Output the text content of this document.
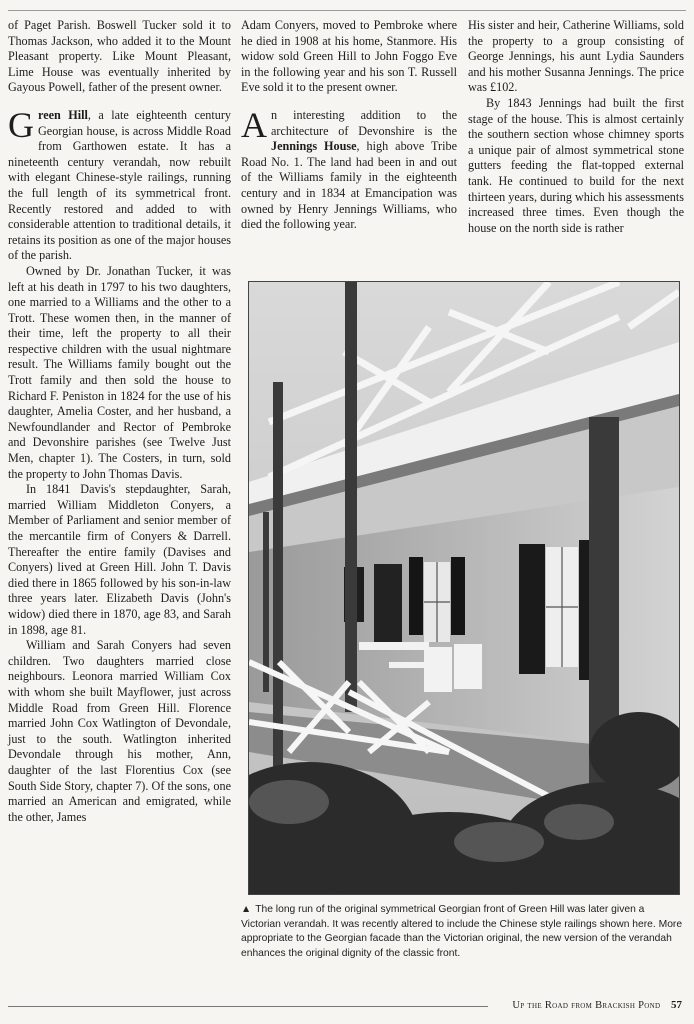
of Paget Parish. Boswell Tucker sold it to Thomas Jackson, who added it to the Mount Pleasant property. Like Mount Pleasant, Lime House was eventually inherited by Gayous Powell, father of the present owner.

Green Hill, a late eighteenth century Georgian house, is across Middle Road from Garthowen estate. It has a nineteenth century verandah, now rebuilt with elegant Chinese-style railings, running the full length of its symmetrical front. Recently restored and added to with considerable attention to traditional details, it retains its position as one of the major houses of the parish.

Owned by Dr. Jonathan Tucker, it was left at his death in 1797 to his two daughters, one married to a Williams and the other to a Trott. These women then, in the manner of their time, left the property to all their respective children with the usual nightmare result. The Williams family bought out the Trott family and then sold the house to Richard F. Peniston in 1824 for the use of his daughter, Amelia Coster, and her husband, a Newfoundlander and Rector of Pembroke and Devonshire parishes (see Twelve Just Men, chapter 1). The Costers, in turn, sold the property to John Thomas Davis.

In 1841 Davis's stepdaughter, Sarah, married William Middleton Conyers, a Member of Parliament and senior member of the mercantile firm of Conyers & Darrell. Thereafter the entire family (Davises and Conyers) lived at Green Hill. John T. Davis died there in 1865 followed by his son-in-law three years later. Elizabeth Davis (John's widow) died there in 1870, age 83, and Sarah in 1898, age 81.

William and Sarah Conyers had seven children. Two daughters married close neighbours. Leonora married William Cox with whom she built Mayflower, just across Middle Road from Green Hill. Florence married John Cox Watlington of Devondale, just to the south. Watlington inherited Devondale through his mother, Ann, daughter of the last Florentius Cox (see South Side Story, chapter 7). Of the sons, one married an American and emigrated, while the other, James

Adam Conyers, moved to Pembroke where he died in 1908 at his home, Stanmore. His widow sold Green Hill to John Foggo Eve in the following year and his son T. Russell Eve sold it to the present owner.

An interesting addition to the architecture of Devonshire is the Jennings House, high above Tribe Road No. 1. The land had been in and out of the Williams family in the eighteenth century and in 1834 at Emancipation was owned by Henry Jennings Williams, who died the following year.

His sister and heir, Catherine Williams, sold the property to a group consisting of George Jennings, his aunt Lydia Saunders and his mother Susanna Jennings. The price was £102.

By 1843 Jennings had built the first stage of the house. This is almost certainly the southern section whose chimney sports a unique pair of almost symmetrical stone gutters feeding the flat-topped external tank. He continued to build for the next thirteen years, during which his assessments increased three times. Even though the house on the north side is rather

▲ The long run of the original symmetrical Georgian front of Green Hill was later given a Victorian verandah. It was recently altered to include the Chinese style railings shown here. More appropriate to the Georgian facade than the Victorian original, the new version of the verandah enhances the original dignity of the classic front.
Up the Road from Brackish Pond 57
